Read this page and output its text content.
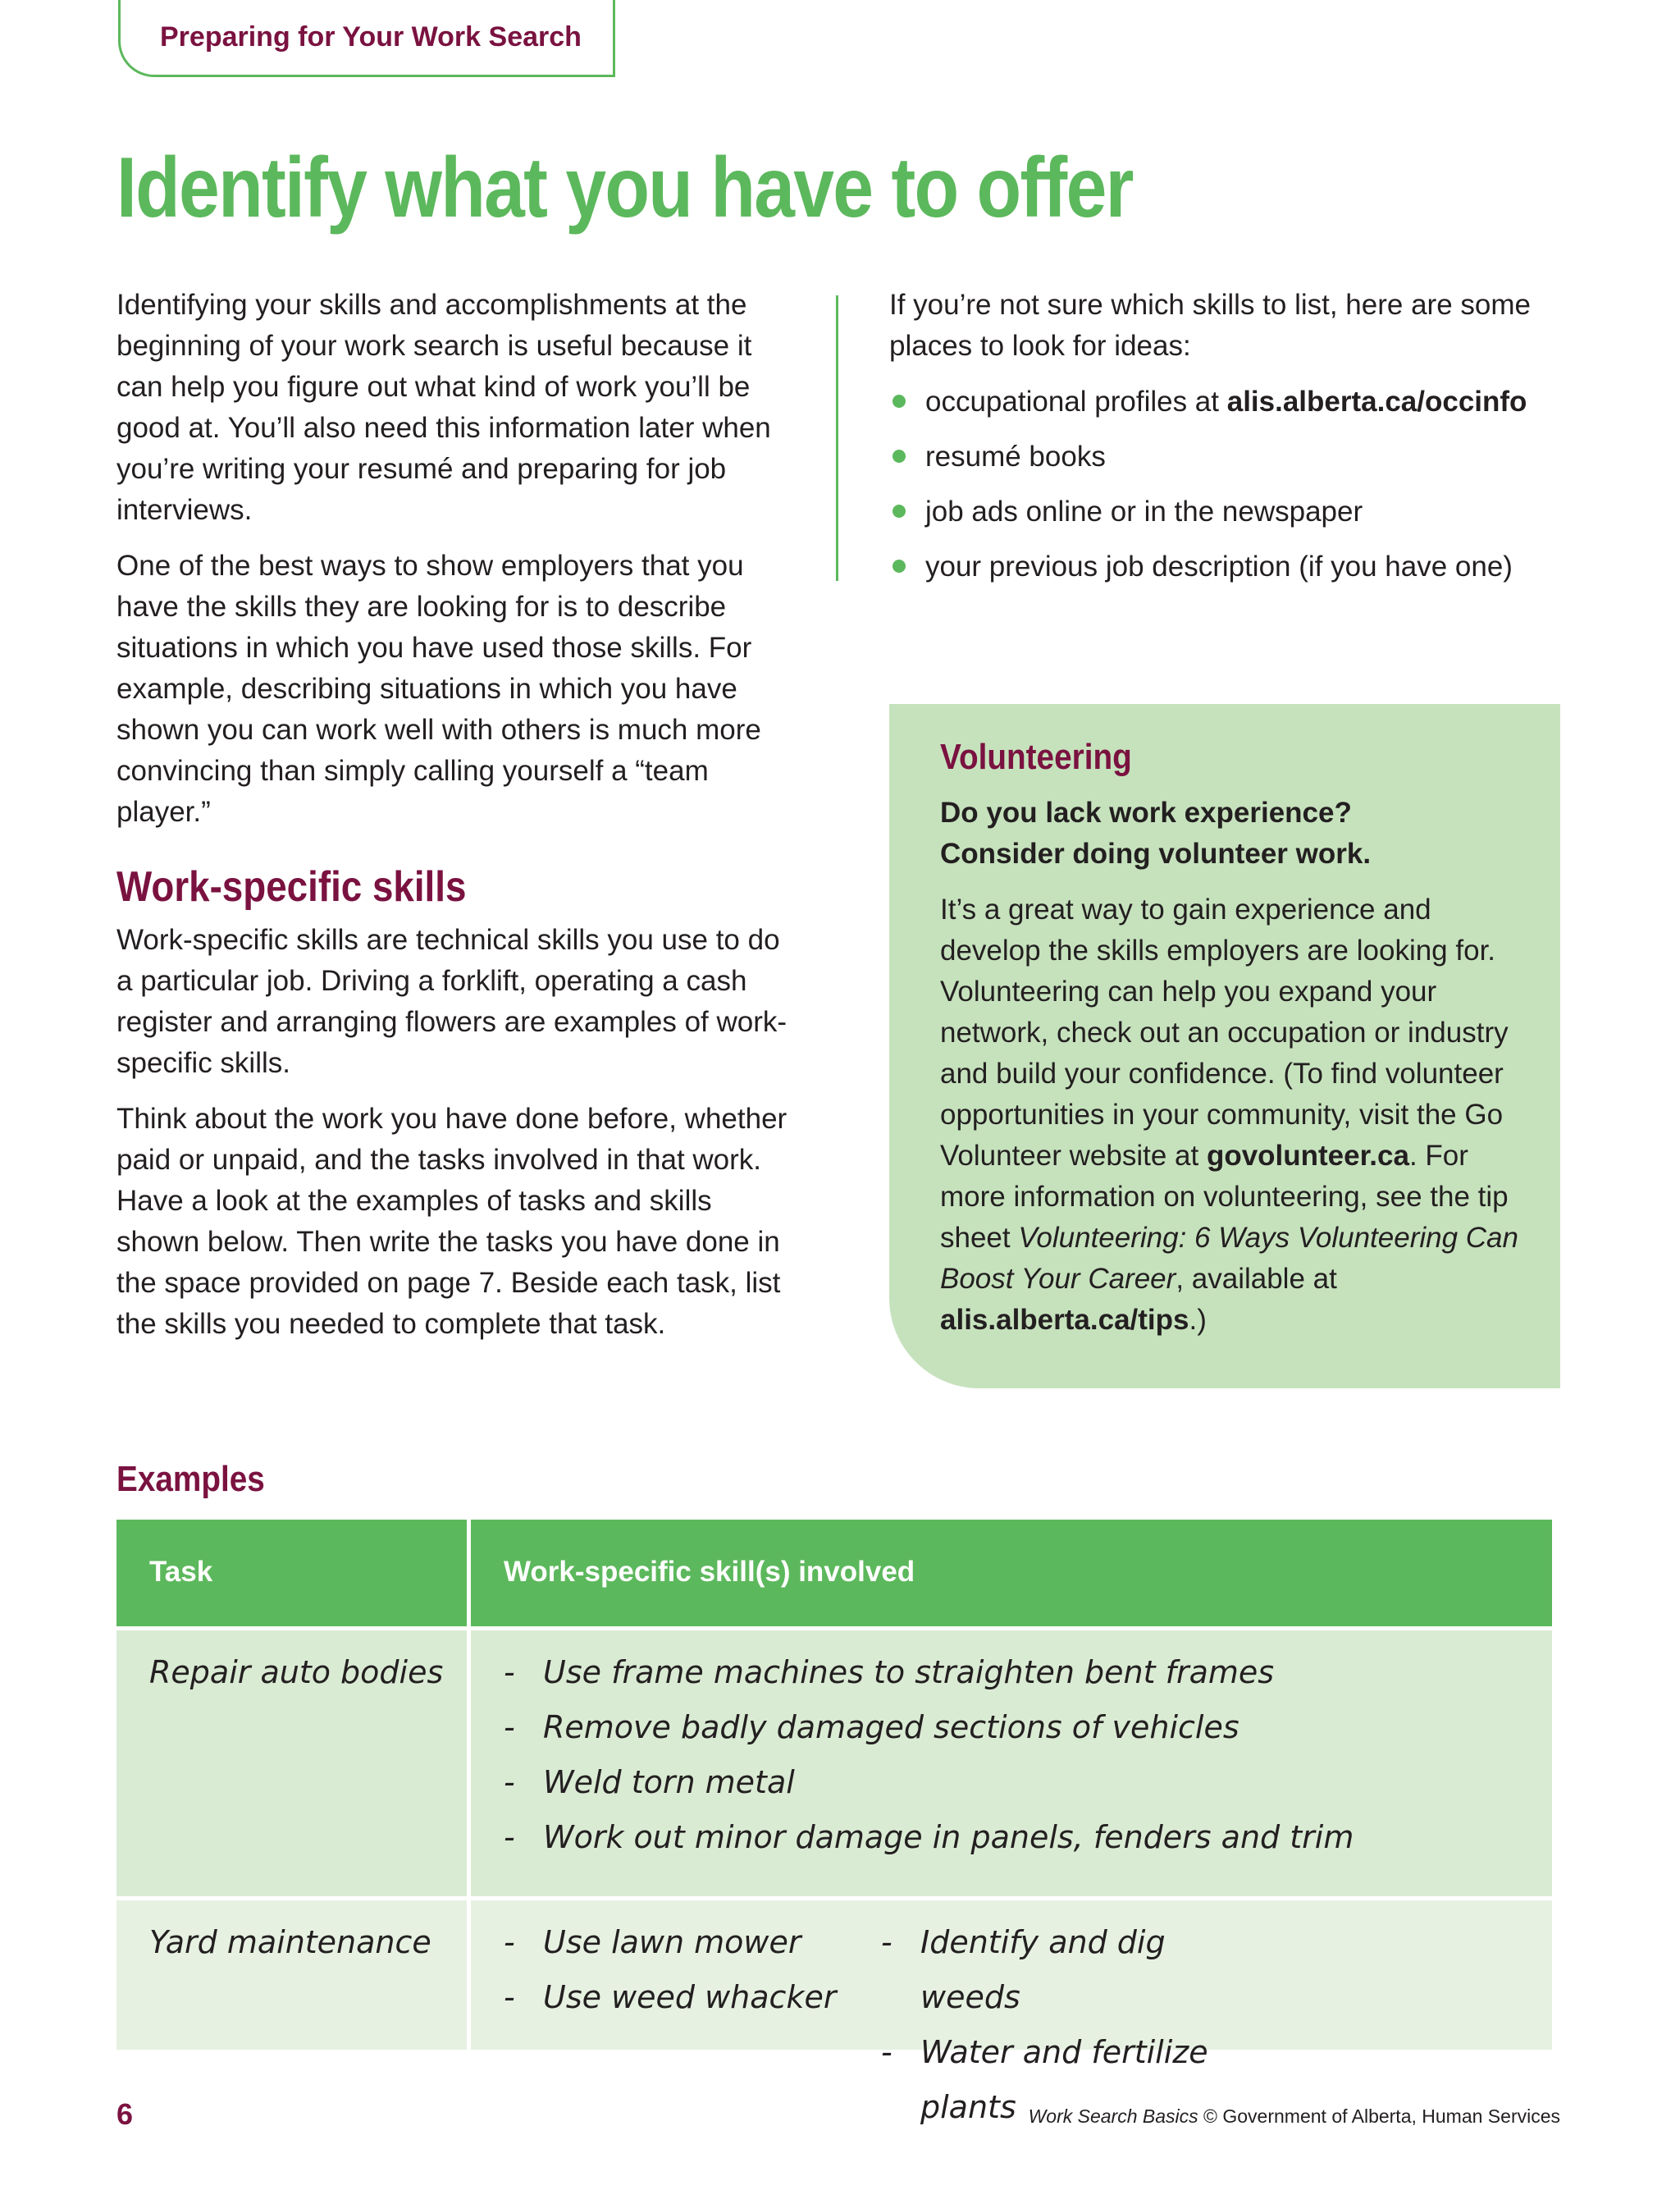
Preparing for Your Work Search
Identify what you have to offer

Identifying your skills and accomplishments at the beginning of your work search is useful because it can help you figure out what kind of work you’ll be good at. You’ll also need this information later when you’re writing your resumé and preparing for job interviews.

One of the best ways to show employers that you have the skills they are looking for is to describe situations in which you have used those skills. For example, describing situations in which you have shown you can work well with others is much more convincing than simply calling yourself a “team player.”

Work-specific skills

Work-specific skills are technical skills you use to do a particular job. Driving a forklift, operating a cash register and arranging flowers are examples of work-specific skills.

Think about the work you have done before, whether paid or unpaid, and the tasks involved in that work. Have a look at the examples of tasks and skills shown below. Then write the tasks you have done in the space provided on page 7. Beside each task, list the skills you needed to complete that task.

If you’re not sure which skills to list, here are some places to look for ideas:

occupational profiles at alis.alberta.ca/occinfo
resumé books
job ads online or in the newspaper
your previous job description (if you have one)
Volunteering
Do you lack work experience?
Consider doing volunteer work.

It’s a great way to gain experience and develop the skills employers are looking for. Volunteering can help you expand your network, check out an occupation or industry and build your confidence. (To find volunteer opportunities in your community, visit the Go Volunteer website at govolunteer.ca. For more information on volunteering, see the tip sheet Volunteering: 6 Ways Volunteering Can Boost Your Career, available at alis.alberta.ca/tips.)

Examples
Task	Work-specific skill(s) involved
Repair auto bodies	- Use frame machines to straighten bent frames
- Remove badly damaged sections of vehicles
- Weld torn metal
- Work out minor damage in panels, fenders and trim
Yard maintenance	- Use lawn mower
- Use weed whacker
- Identify and dig weeds
- Water and fertilize plants
6	Work Search Basics © Government of Alberta, Human Services
